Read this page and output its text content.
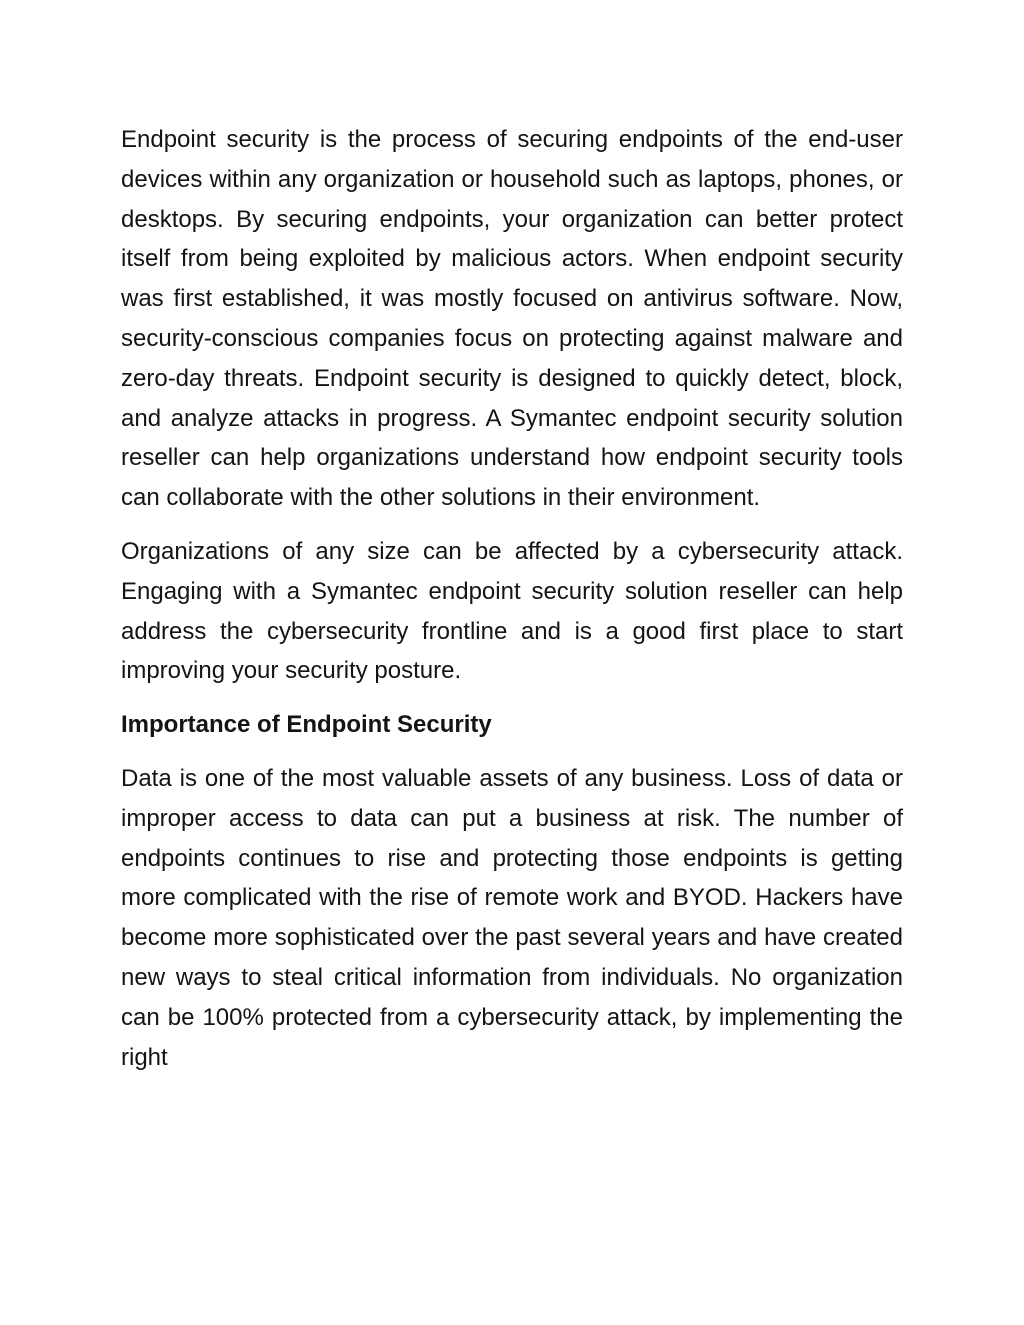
Endpoint security is the process of securing endpoints of the end-user devices within any organization or household such as laptops, phones, or desktops. By securing endpoints, your organization can better protect itself from being exploited by malicious actors. When endpoint security was first established, it was mostly focused on antivirus software. Now, security-conscious companies focus on protecting against malware and zero-day threats. Endpoint security is designed to quickly detect, block, and analyze attacks in progress. A Symantec endpoint security solution reseller can help organizations understand how endpoint security tools can collaborate with the other solutions in their environment.

Organizations of any size can be affected by a cybersecurity attack. Engaging with a Symantec endpoint security solution reseller can help address the cybersecurity frontline and is a good first place to start improving your security posture.

Importance of Endpoint Security

Data is one of the most valuable assets of any business. Loss of data or improper access to data can put a business at risk. The number of endpoints continues to rise and protecting those endpoints is getting more complicated with the rise of remote work and BYOD. Hackers have become more sophisticated over the past several years and have created new ways to steal critical information from individuals. No organization can be 100% protected from a cybersecurity attack, by implementing the right
